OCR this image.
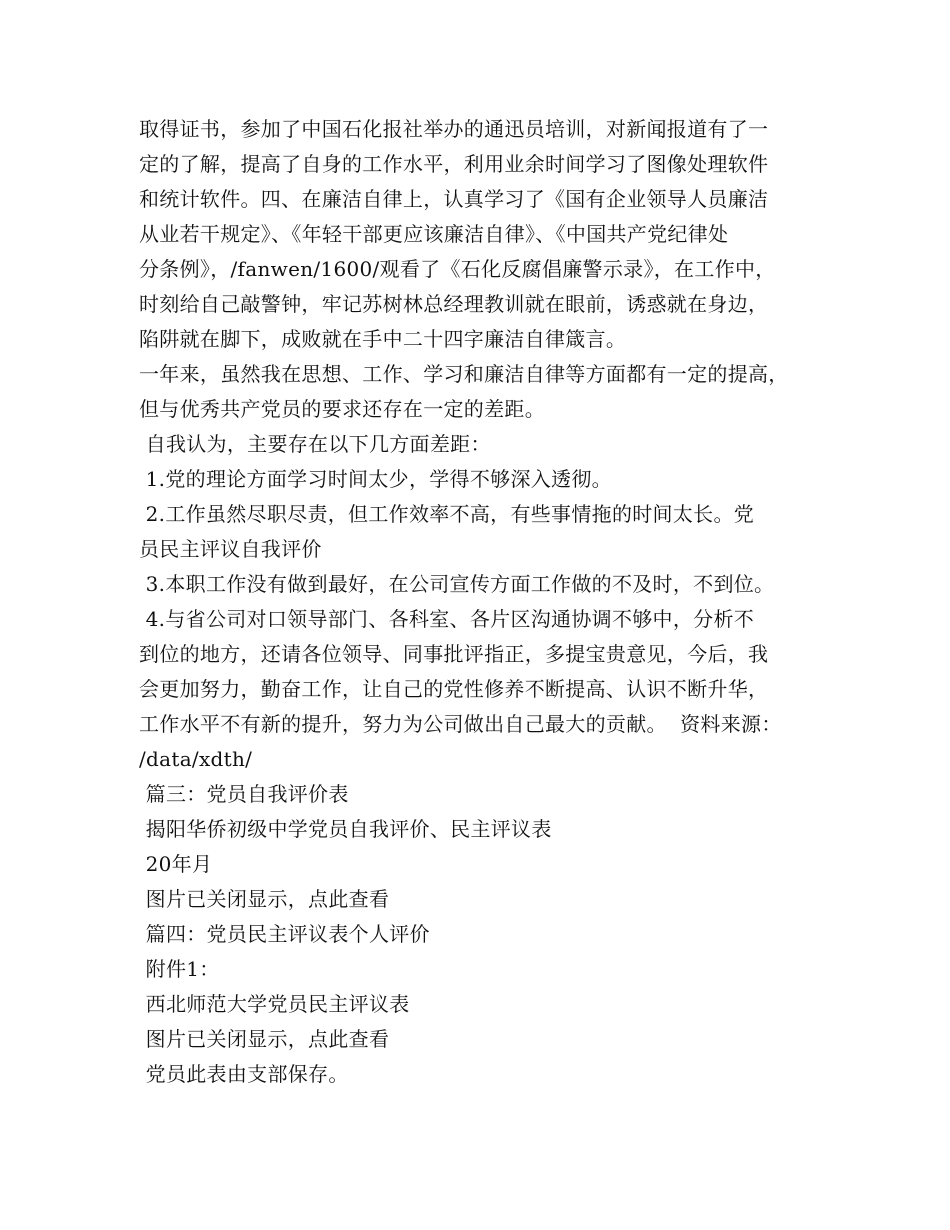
取得证书，参加了中国石化报社举办的通迅员培训，对新闻报道有了一
定的了解，提高了自身的工作水平，利用业余时间学习了图像处理软件
和统计软件。四、在廉洁自律上，认真学习了《国有企业领导人员廉洁
从业若干规定》、《年轻干部更应该廉洁自律》、《中国共产党纪律处
分条例》，/fanwen/1600/观看了《石化反腐倡廉警示录》，在工作中，
时刻给自己敲警钟，牢记苏树林总经理教训就在眼前，诱惑就在身边，
陷阱就在脚下，成败就在手中二十四字廉洁自律箴言。
一年来，虽然我在思想、工作、学习和廉洁自律等方面都有一定的提高，
但与优秀共产党员的要求还存在一定的差距。
自我认为，主要存在以下几方面差距：
1.党的理论方面学习时间太少，学得不够深入透彻。
2.工作虽然尽职尽责，但工作效率不高，有些事情拖的时间太长。党
员民主评议自我评价
3.本职工作没有做到最好，在公司宣传方面工作做的不及时，不到位。
4.与省公司对口领导部门、各科室、各片区沟通协调不够中，分析不
到位的地方，还请各位领导、同事批评指正，多提宝贵意见，今后，我
会更加努力，勤奋工作，让自己的党性修养不断提高、认识不断升华，
工作水平不有新的提升，努力为公司做出自己最大的贡献。  资料来源：
/data/xdth/
篇三：党员自我评价表
揭阳华侨初级中学党员自我评价、民主评议表
20年月
图片已关闭显示，点此查看
篇四：党员民主评议表个人评价
附件1：
西北师范大学党员民主评议表
图片已关闭显示，点此查看
党员此表由支部保存。
